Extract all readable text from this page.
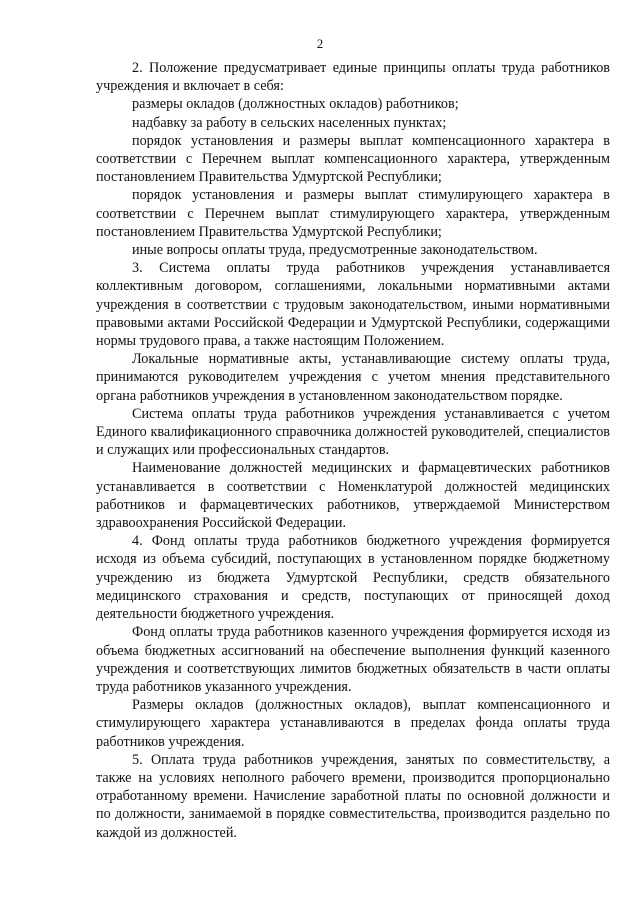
2

2. Положение предусматривает единые принципы оплаты труда работников учреждения и включает в себя:

размеры окладов (должностных окладов) работников;

надбавку за работу в сельских населенных пунктах;

порядок установления и размеры выплат компенсационного характера в соответствии с Перечнем выплат компенсационного характера, утвержденным постановлением Правительства Удмуртской Республики;

порядок установления и размеры выплат стимулирующего характера в соответствии с Перечнем выплат стимулирующего характера, утвержденным постановлением Правительства Удмуртской Республики;

иные вопросы оплаты труда, предусмотренные законодательством.

3. Система оплаты труда работников учреждения устанавливается коллективным договором, соглашениями, локальными нормативными актами учреждения в соответствии с трудовым законодательством, иными нормативными правовыми актами Российской Федерации и Удмуртской Республики, содержащими нормы трудового права, а также настоящим Положением.

Локальные нормативные акты, устанавливающие систему оплаты труда, принимаются руководителем учреждения с учетом мнения представительного органа работников учреждения в установленном законодательством порядке.

Система оплаты труда работников учреждения устанавливается с учетом Единого квалификационного справочника должностей руководителей, специалистов и служащих или профессиональных стандартов.

Наименование должностей медицинских и фармацевтических работников устанавливается в соответствии с Номенклатурой должностей медицинских работников и фармацевтических работников, утверждаемой Министерством здравоохранения Российской Федерации.

4. Фонд оплаты труда работников бюджетного учреждения формируется исходя из объема субсидий, поступающих в установленном порядке бюджетному учреждению из бюджета Удмуртской Республики, средств обязательного медицинского страхования и средств, поступающих от приносящей доход деятельности бюджетного учреждения.

Фонд оплаты труда работников казенного учреждения формируется исходя из объема бюджетных ассигнований на обеспечение выполнения функций казенного учреждения и соответствующих лимитов бюджетных обязательств в части оплаты труда работников указанного учреждения.

Размеры окладов (должностных окладов), выплат компенсационного и стимулирующего характера устанавливаются в пределах фонда оплаты труда работников учреждения.

5. Оплата труда работников учреждения, занятых по совместительству, а также на условиях неполного рабочего времени, производится пропорционально отработанному времени. Начисление заработной платы по основной должности и по должности, занимаемой в порядке совместительства, производится раздельно по каждой из должностей.
